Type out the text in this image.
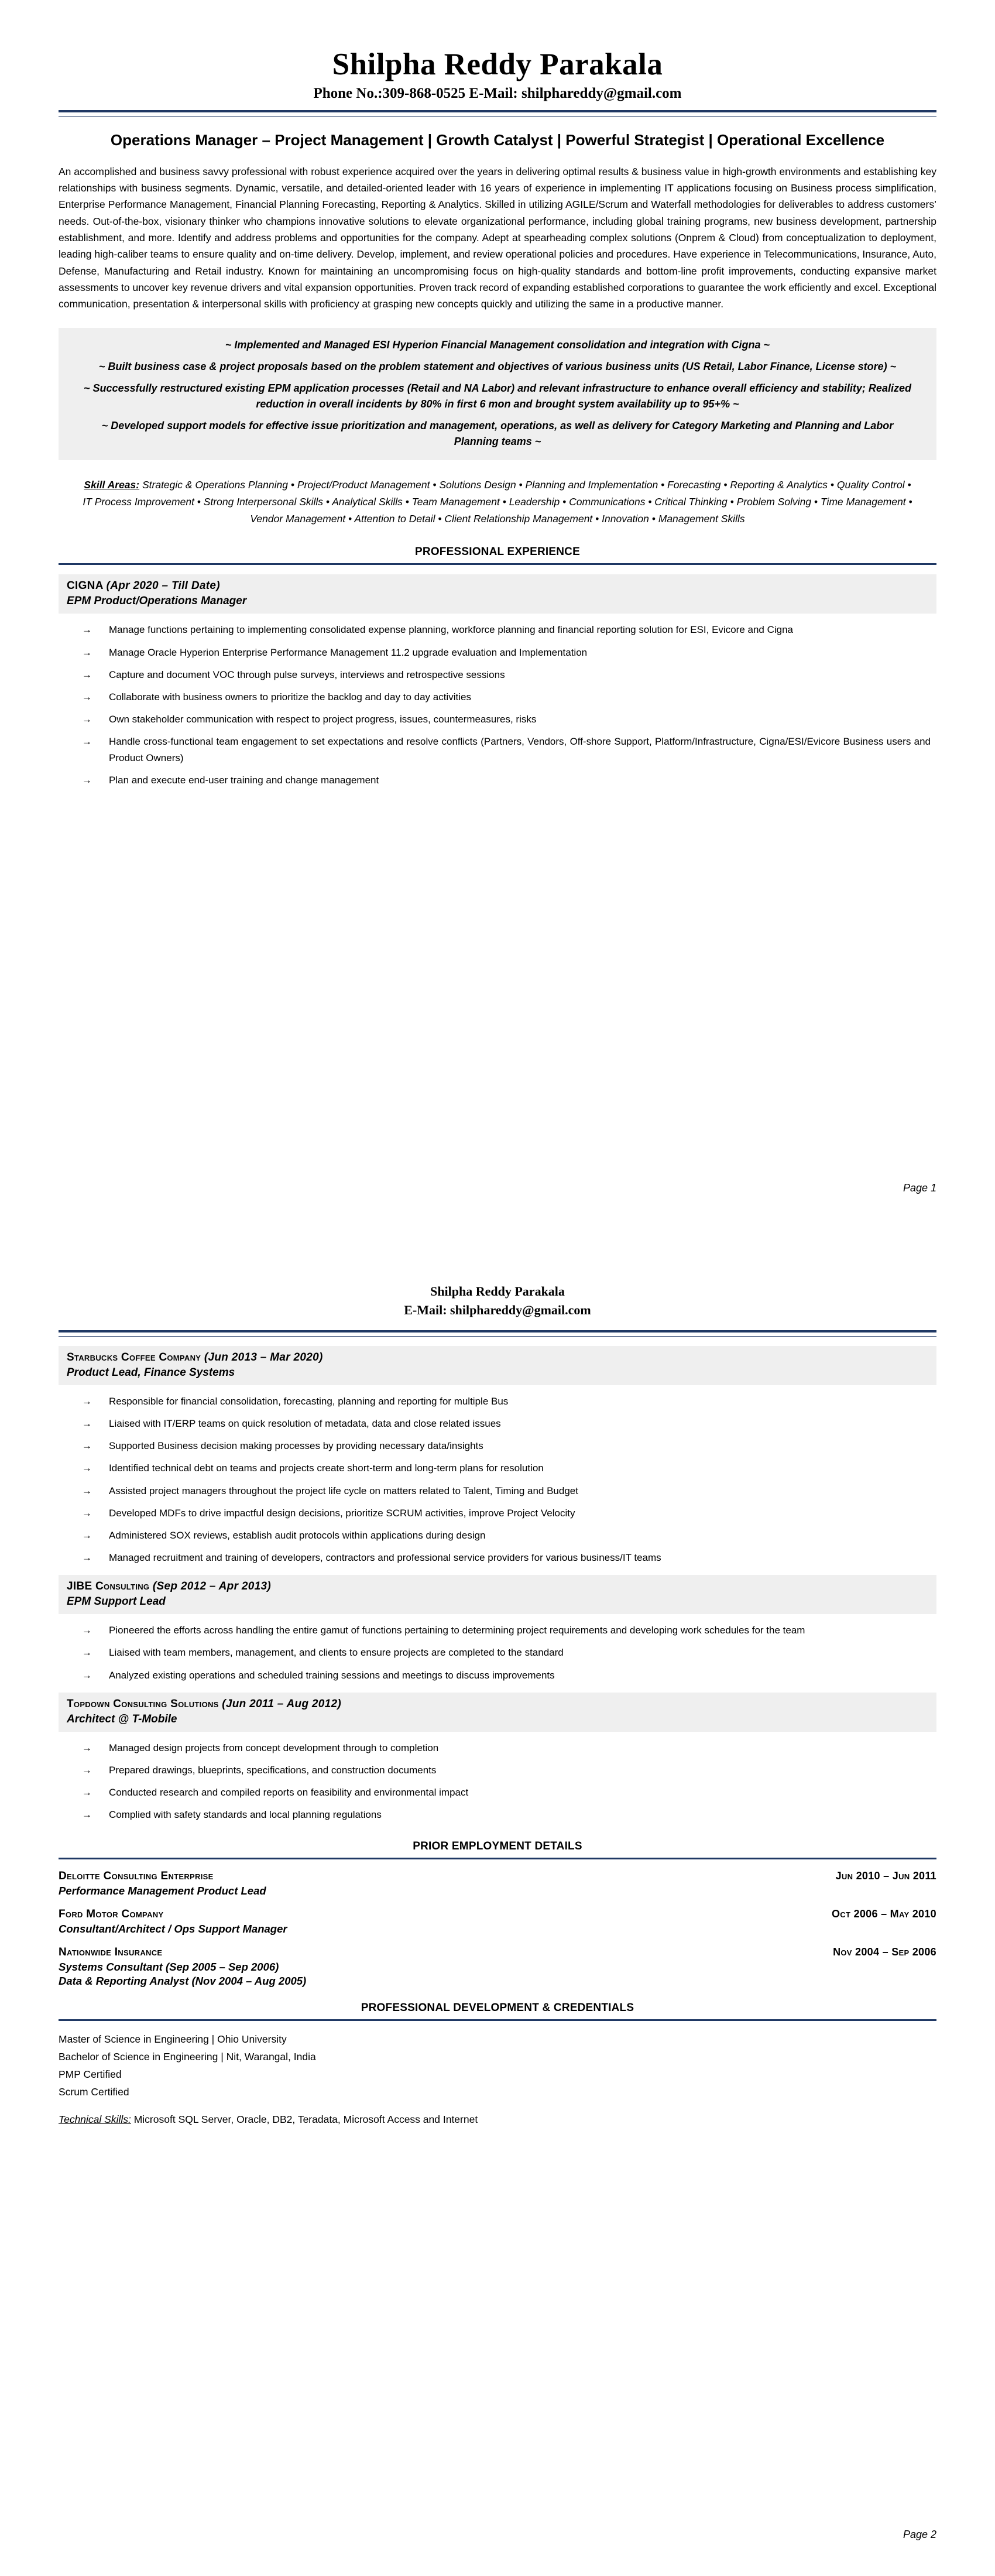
Shilpha Reddy Parakala
Phone No.:309-868-0525 E-Mail: shilphareddy@gmail.com
Operations Manager – Project Management | Growth Catalyst | Powerful Strategist | Operational Excellence
An accomplished and business savvy professional with robust experience acquired over the years in delivering optimal results & business value in high-growth environments and establishing key relationships with business segments. Dynamic, versatile, and detailed-oriented leader with 16 years of experience in implementing IT applications focusing on Business process simplification, Enterprise Performance Management, Financial Planning Forecasting, Reporting & Analytics. Skilled in utilizing AGILE/Scrum and Waterfall methodologies for deliverables to address customers’ needs. Out-of-the-box, visionary thinker who champions innovative solutions to elevate organizational performance, including global training programs, new business development, partnership establishment, and more. Identify and address problems and opportunities for the company. Adept at spearheading complex solutions (Onprem & Cloud) from conceptualization to deployment, leading high-caliber teams to ensure quality and on-time delivery. Develop, implement, and review operational policies and procedures. Have experience in Telecommunications, Insurance, Auto, Defense, Manufacturing and Retail industry. Known for maintaining an uncompromising focus on high-quality standards and bottom-line profit improvements, conducting expansive market assessments to uncover key revenue drivers and vital expansion opportunities. Proven track record of expanding established corporations to guarantee the work efficiently and excel. Exceptional communication, presentation & interpersonal skills with proficiency at grasping new concepts quickly and utilizing the same in a productive manner.

~ Implemented and Managed ESI Hyperion Financial Management consolidation and integration with Cigna ~

~ Built business case & project proposals based on the problem statement and objectives of various business units (US Retail, Labor Finance, License store) ~

~ Successfully restructured existing EPM application processes (Retail and NA Labor) and relevant infrastructure to enhance overall efficiency and stability; Realized reduction in overall incidents by 80% in first 6 mon and brought system availability up to 95+% ~

~ Developed support models for effective issue prioritization and management, operations, as well as delivery for Category Marketing and Planning and Labor Planning teams ~

Skill Areas: Strategic & Operations Planning • Project/Product Management • Solutions Design • Planning and Implementation • Forecasting • Reporting & Analytics • Quality Control • IT Process Improvement • Strong Interpersonal Skills • Analytical Skills • Team Management • Leadership • Communications • Critical Thinking • Problem Solving • Time Management • Vendor Management • Attention to Detail • Client Relationship Management • Innovation • Management Skills
PROFESSIONAL EXPERIENCE
CIGNA (Apr 2020 – Till Date)
EPM Product/Operations Manager
→ Manage functions pertaining to implementing consolidated expense planning, workforce planning and financial reporting solution for ESI, Evicore and Cigna
→ Manage Oracle Hyperion Enterprise Performance Management 11.2 upgrade evaluation and Implementation
→ Capture and document VOC through pulse surveys, interviews and retrospective sessions
→ Collaborate with business owners to prioritize the backlog and day to day activities
→ Own stakeholder communication with respect to project progress, issues, countermeasures, risks
→ Handle cross-functional team engagement to set expectations and resolve conflicts (Partners, Vendors, Off-shore Support, Platform/Infrastructure, Cigna/ESI/Evicore Business users and Product Owners)
→ Plan and execute end-user training and change management
Page 1
Shilpha Reddy Parakala
E-Mail: shilphareddy@gmail.com
Starbucks Coffee Company (Jun 2013 – Mar 2020)
Product Lead, Finance Systems
→ Responsible for financial consolidation, forecasting, planning and reporting for multiple Bus
→ Liaised with IT/ERP teams on quick resolution of metadata, data and close related issues
→ Supported Business decision making processes by providing necessary data/insights
→ Identified technical debt on teams and projects create short-term and long-term plans for resolution
→ Assisted project managers throughout the project life cycle on matters related to Talent, Timing and Budget
→ Developed MDFs to drive impactful design decisions, prioritize SCRUM activities, improve Project Velocity
→ Administered SOX reviews, establish audit protocols within applications during design
→ Managed recruitment and training of developers, contractors and professional service providers for various business/IT teams
JIBE Consulting (Sep 2012 – Apr 2013)
EPM Support Lead
→ Pioneered the efforts across handling the entire gamut of functions pertaining to determining project requirements and developing work schedules for the team
→ Liaised with team members, management, and clients to ensure projects are completed to the standard
→ Analyzed existing operations and scheduled training sessions and meetings to discuss improvements
Topdown Consulting Solutions (Jun 2011 – Aug 2012)
Architect @ T-Mobile
→ Managed design projects from concept development through to completion
→ Prepared drawings, blueprints, specifications, and construction documents
→ Conducted research and compiled reports on feasibility and environmental impact
→ Complied with safety standards and local planning regulations
PRIOR EMPLOYMENT DETAILS
Deloitte Consulting Enterprise	Jun 2010 – Jun 2011
Performance Management Product Lead
Ford Motor Company	Oct 2006 – May 2010
Consultant/Architect / Ops Support Manager
Nationwide Insurance	Nov 2004 – Sep 2006
Systems Consultant (Sep 2005 – Sep 2006)
Data & Reporting Analyst (Nov 2004 – Aug 2005)
PROFESSIONAL DEVELOPMENT & CREDENTIALS
Master of Science in Engineering | Ohio University
Bachelor of Science in Engineering | Nit, Warangal, India
PMP Certified
Scrum Certified
Technical Skills: Microsoft SQL Server, Oracle, DB2, Teradata, Microsoft Access and Internet
Page 2
